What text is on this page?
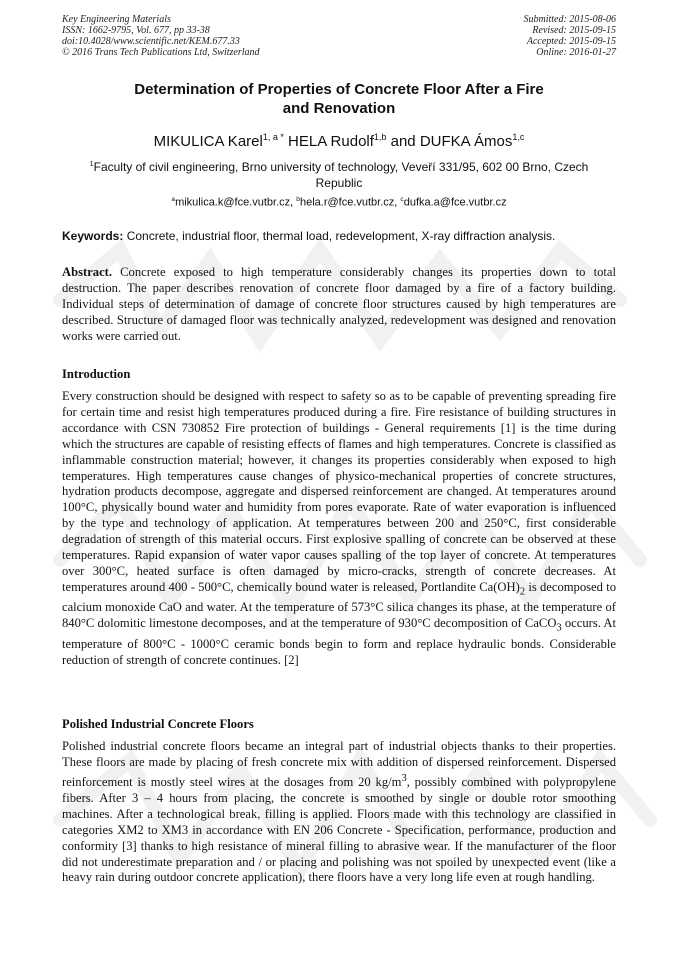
Key Engineering Materials
ISSN: 1662-9795, Vol. 677, pp 33-38
doi:10.4028/www.scientific.net/KEM.677.33
© 2016 Trans Tech Publications Ltd, Switzerland
Submitted: 2015-08-06
Revised: 2015-09-15
Accepted: 2015-09-15
Online: 2016-01-27
Determination of Properties of Concrete Floor After a Fire
and Renovation
MIKULICA Karel$^{1, a *}$ HELA Rudolf$^{1,b}$ and DUFKA Ámos$^{1,c}$
$^1$Faculty of civil engineering, Brno university of technology, Veveří 331/95, 602 00 Brno, Czech Republic
$^a$mikulica.k@fce.vutbr.cz, $^b$hela.r@fce.vutbr.cz, $^c$dufka.a@fce.vutbr.cz
Keywords: Concrete, industrial floor, thermal load, redevelopment, X-ray diffraction analysis.

Abstract. Concrete exposed to high temperature considerably changes its properties down to total destruction. The paper describes renovation of concrete floor damaged by a fire of a factory building. Individual steps of determination of damage of concrete floor structures caused by high temperatures are described. Structure of damaged floor was technically analyzed, redevelopment was designed and renovation works were carried out.

Introduction

Every construction should be designed with respect to safety so as to be capable of preventing spreading fire for certain time and resist high temperatures produced during a fire. Fire resistance of building structures in accordance with CSN 730852 Fire protection of buildings - General requirements [1] is the time during which the structures are capable of resisting effects of flames and high temperatures. Concrete is classified as inflammable construction material; however, it changes its properties considerably when exposed to high temperatures. High temperatures cause changes of physico-mechanical properties of concrete structures, hydration products decompose, aggregate and dispersed reinforcement are changed. At temperatures around 100°C, physically bound water and humidity from pores evaporate. Rate of water evaporation is influenced by the type and technology of application. At temperatures between 200 and 250°C, first considerable degradation of strength of this material occurs. First explosive spalling of concrete can be observed at these temperatures. Rapid expansion of water vapor causes spalling of the top layer of concrete. At temperatures over 300°C, heated surface is often damaged by micro-cracks, strength of concrete decreases. At temperatures around 400 - 500°C, chemically bound water is released, Portlandite $Ca(OH)_2$ is decomposed to calcium monoxide CaO and water. At the temperature of 573°C silica changes its phase, at the temperature of 840°C dolomitic limestone decomposes, and at the temperature of 930°C decomposition of CaCO$_3$ occurs. At temperature of 800°C - 1000°C ceramic bonds begin to form and replace hydraulic bonds. Considerable reduction of strength of concrete continues. [2]

Polished Industrial Concrete Floors

Polished industrial concrete floors became an integral part of industrial objects thanks to their properties. These floors are made by placing of fresh concrete mix with addition of dispersed reinforcement. Dispersed reinforcement is mostly steel wires at the dosages from 20 $kg/m^3$, possibly combined with polypropylene fibers. After 3 – 4 hours from placing, the concrete is smoothed by single or double rotor smoothing machines. After a technological break, filling is applied. Floors made with this technology are classified in categories XM2 to XM3 in accordance with EN 206 Concrete - Specification, performance, production and conformity [3] thanks to high resistance of mineral filling to abrasive wear. If the manufacturer of the floor did not underestimate preparation and / or placing and polishing was not spoiled by unexpected event (like a heavy rain during outdoor concrete application), there floors have a very long life even at rough handling.
